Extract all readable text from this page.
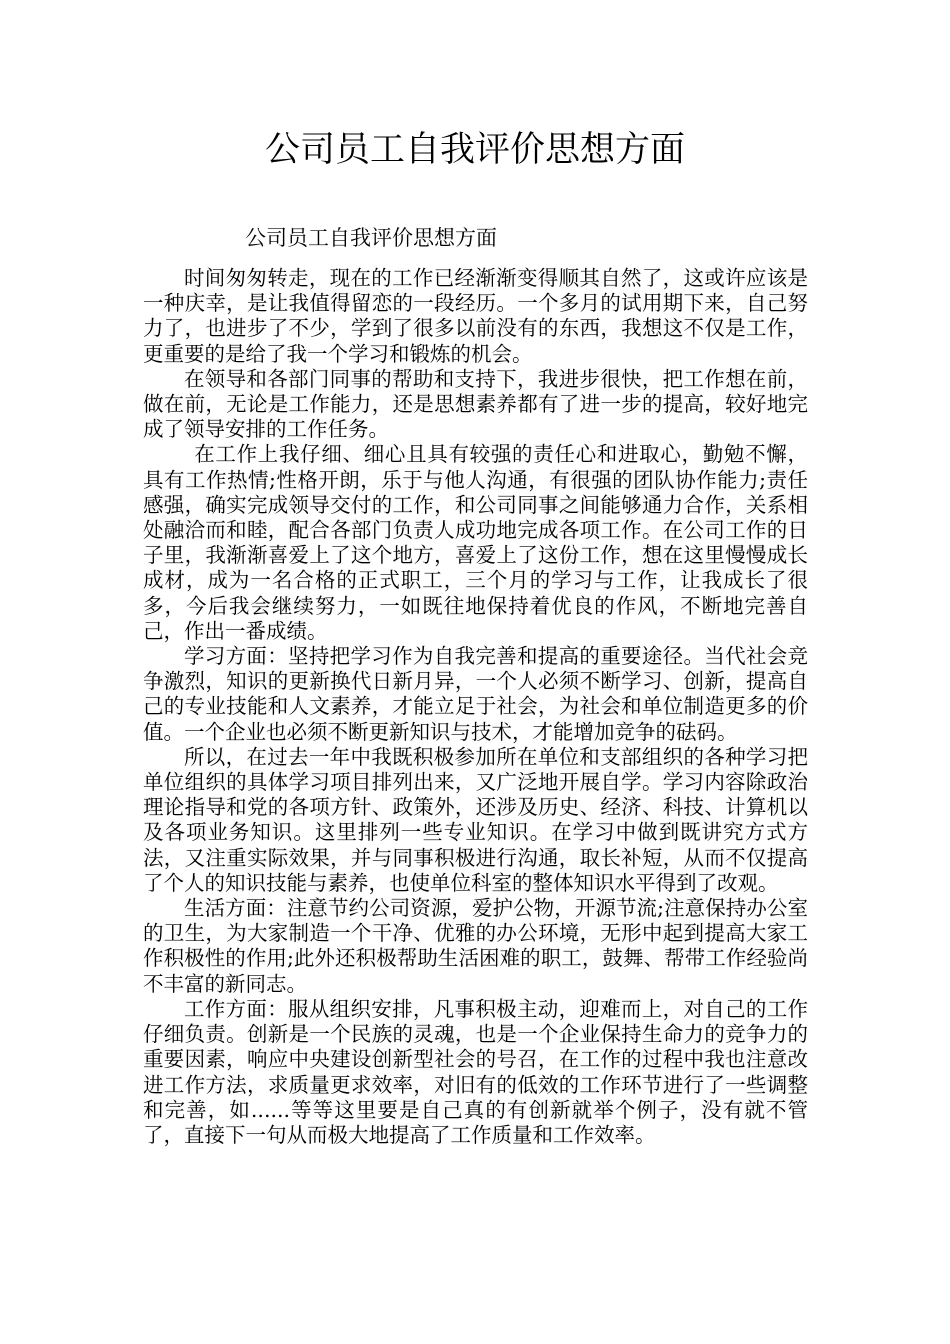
公司员工自我评价思想方面
公司员工自我评价思想方面

时间匆匆转走，现在的工作已经渐渐变得顺其自然了，这或许应该是一种庆幸，是让我值得留恋的一段经历。一个多月的试用期下来，自己努力了，也进步了不少，学到了很多以前没有的东西，我想这不仅是工作，更重要的是给了我一个学习和锻炼的机会。

在领导和各部门同事的帮助和支持下，我进步很快，把工作想在前，做在前，无论是工作能力，还是思想素养都有了进一步的提高，较好地完成了领导安排的工作任务。

在工作上我仔细、细心且具有较强的责任心和进取心，勤勉不懈，具有工作热情;性格开朗，乐于与他人沟通，有很强的团队协作能力;责任感强，确实完成领导交付的工作，和公司同事之间能够通力合作，关系相处融洽而和睦，配合各部门负责人成功地完成各项工作。在公司工作的日子里，我渐渐喜爱上了这个地方，喜爱上了这份工作，想在这里慢慢成长成材，成为一名合格的正式职工，三个月的学习与工作，让我成长了很多，今后我会继续努力，一如既往地保持着优良的作风，不断地完善自己，作出一番成绩。

学习方面：坚持把学习作为自我完善和提高的重要途径。当代社会竞争激烈，知识的更新换代日新月异，一个人必须不断学习、创新，提高自己的专业技能和人文素养，才能立足于社会，为社会和单位制造更多的价值。一个企业也必须不断更新知识与技术，才能增加竞争的砝码。

所以，在过去一年中我既积极参加所在单位和支部组织的各种学习把单位组织的具体学习项目排列出来，又广泛地开展自学。学习内容除政治理论指导和党的各项方针、政策外，还涉及历史、经济、科技、计算机以及各项业务知识。这里排列一些专业知识。在学习中做到既讲究方式方法，又注重实际效果，并与同事积极进行沟通，取长补短，从而不仅提高了个人的知识技能与素养，也使单位科室的整体知识水平得到了改观。

生活方面：注意节约公司资源，爱护公物，开源节流;注意保持办公室的卫生，为大家制造一个干净、优雅的办公环境，无形中起到提高大家工作积极性的作用;此外还积极帮助生活困难的职工，鼓舞、帮带工作经验尚不丰富的新同志。

工作方面：服从组织安排，凡事积极主动，迎难而上，对自己的工作仔细负责。创新是一个民族的灵魂，也是一个企业保持生命力的竞争力的重要因素，响应中央建设创新型社会的号召，在工作的过程中我也注意改进工作方法，求质量更求效率，对旧有的低效的工作环节进行了一些调整和完善，如......等等这里要是自己真的有创新就举个例子，没有就不管了，直接下一句从而极大地提高了工作质量和工作效率。
